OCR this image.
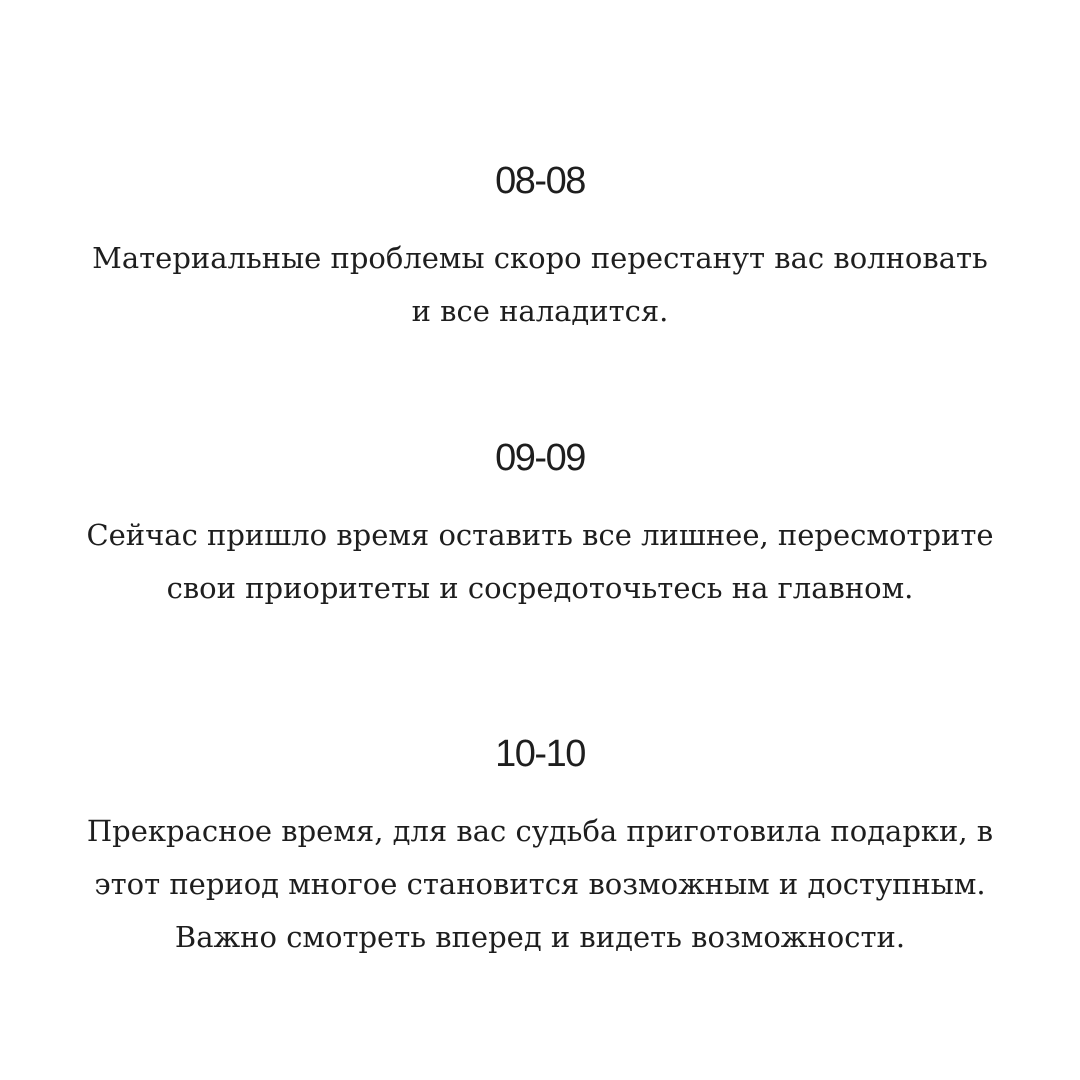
08-08

Материальные проблемы скоро перестанут вас волновать
и все наладится.

09-09

Сейчас пришло время оставить все лишнее, пересмотрите
свои приоритеты и сосредоточьтесь на главном.

10-10

Прекрасное время, для вас судьба приготовила подарки, в
этот период многое становится возможным и доступным.
Важно смотреть вперед и видеть возможности.
